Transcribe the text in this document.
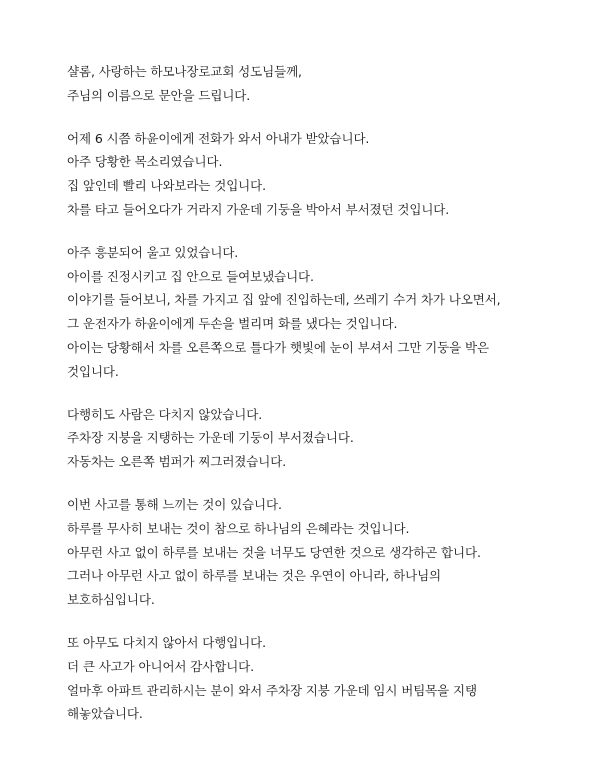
샬롬, 사랑하는 하모나장로교회 성도님들께,
주님의 이름으로 문안을 드립니다.
어제 6 시쯤 하윤이에게 전화가 와서 아내가 받았습니다.
아주 당황한 목소리였습니다.
집 앞인데 빨리 나와보라는 것입니다.
차를 타고 들어오다가 거라지 가운데 기둥을 박아서 부서졌던 것입니다.
아주 흥분되어 울고 있었습니다.
아이를 진정시키고 집 안으로 들여보냈습니다.
이야기를 들어보니, 차를 가지고 집 앞에 진입하는데, 쓰레기 수거 차가 나오면서,
그 운전자가 하윤이에게 두손을 벌리며 화를 냈다는 것입니다.
아이는 당황해서 차를 오른쪽으로 틀다가 햇빛에 눈이 부셔서 그만 기둥을 박은
것입니다.
다행히도 사람은 다치지 않았습니다.
주차장 지붕을 지탱하는 가운데 기둥이 부서졌습니다.
자동차는 오른쪽 범퍼가 찌그러졌습니다.
이번 사고를 통해 느끼는 것이 있습니다.
하루를 무사히 보내는 것이 참으로 하나님의 은혜라는 것입니다.
아무런 사고 없이 하루를 보내는 것을 너무도 당연한 것으로 생각하곤 합니다.
그러나 아무런 사고 없이 하루를 보내는 것은 우연이 아니라, 하나님의
보호하심입니다.
또 아무도 다치지 않아서 다행입니다.
더 큰 사고가 아니어서 감사합니다.
얼마후 아파트 관리하시는 분이 와서 주차장 지붕 가운데 임시 버팀목을 지탱
해놓았습니다.
